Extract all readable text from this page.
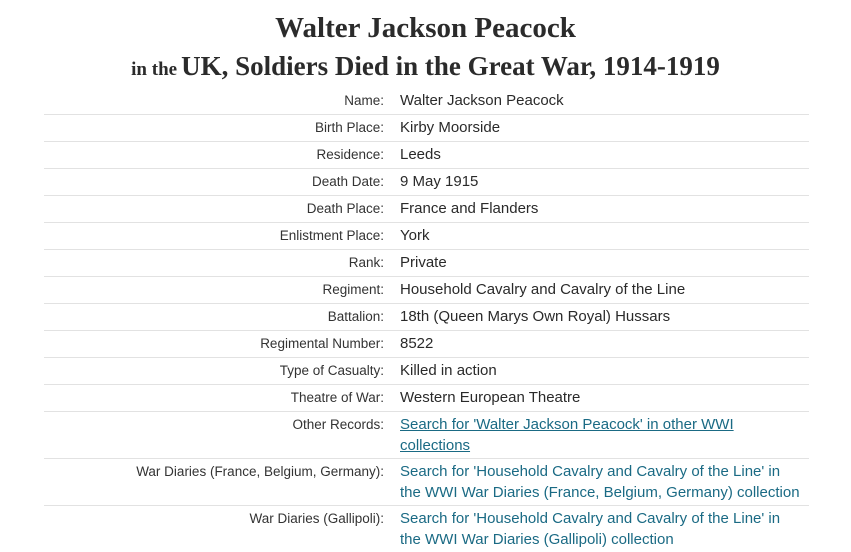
Walter Jackson Peacock
in the UK, Soldiers Died in the Great War, 1914-1919
Name:	Walter Jackson Peacock
Birth Place:	Kirby Moorside
Residence:	Leeds
Death Date:	9 May 1915
Death Place:	France and Flanders
Enlistment Place:	York
Rank:	Private
Regiment:	Household Cavalry and Cavalry of the Line
Battalion:	18th (Queen Marys Own Royal) Hussars
Regimental Number:	8522
Type of Casualty:	Killed in action
Theatre of War:	Western European Theatre
Other Records:	Search for 'Walter Jackson Peacock' in other WWI collections
War Diaries (France, Belgium, Germany):	Search for 'Household Cavalry and Cavalry of the Line' in the WWI War Diaries (France, Belgium, Germany) collection
War Diaries (Gallipoli):	Search for 'Household Cavalry and Cavalry of the Line' in the WWI War Diaries (Gallipoli) collection
